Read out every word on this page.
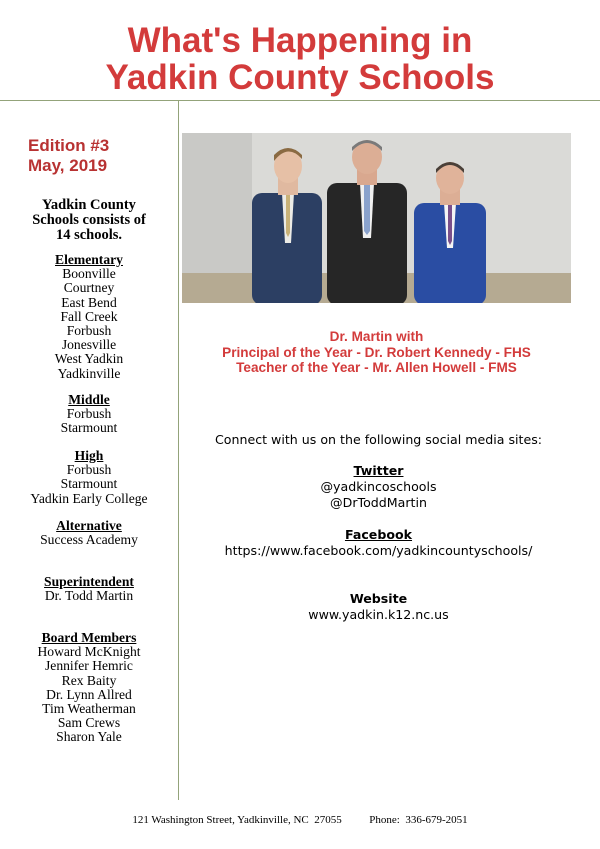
What's Happening in
Yadkin County Schools
Edition #3
May, 2019
Yadkin County
Schools consists of
14 schools.
Elementary
Boonville
Courtney
East Bend
Fall Creek
Forbush
Jonesville
West Yadkin
Yadkinville
Middle
Forbush
Starmount
High
Forbush
Starmount
Yadkin Early College
Alternative
Success Academy
Superintendent
Dr. Todd Martin
Board Members
Howard McKnight
Jennifer Hemric
Rex Baity
Dr. Lynn Allred
Tim Weatherman
Sam Crews
Sharon Yale
Dr. Martin with
Principal of the Year - Dr. Robert Kennedy - FHS
Teacher of the Year - Mr. Allen Howell - FMS
Connect with us on the following social media sites:
Twitter
@yadkincoschools
@DrToddMartin
Facebook
https://www.facebook.com/yadkincountyschools/
Website
www.yadkin.k12.nc.us
121 Washington Street, Yadkinville, NC  27055	Phone:  336-679-2051
